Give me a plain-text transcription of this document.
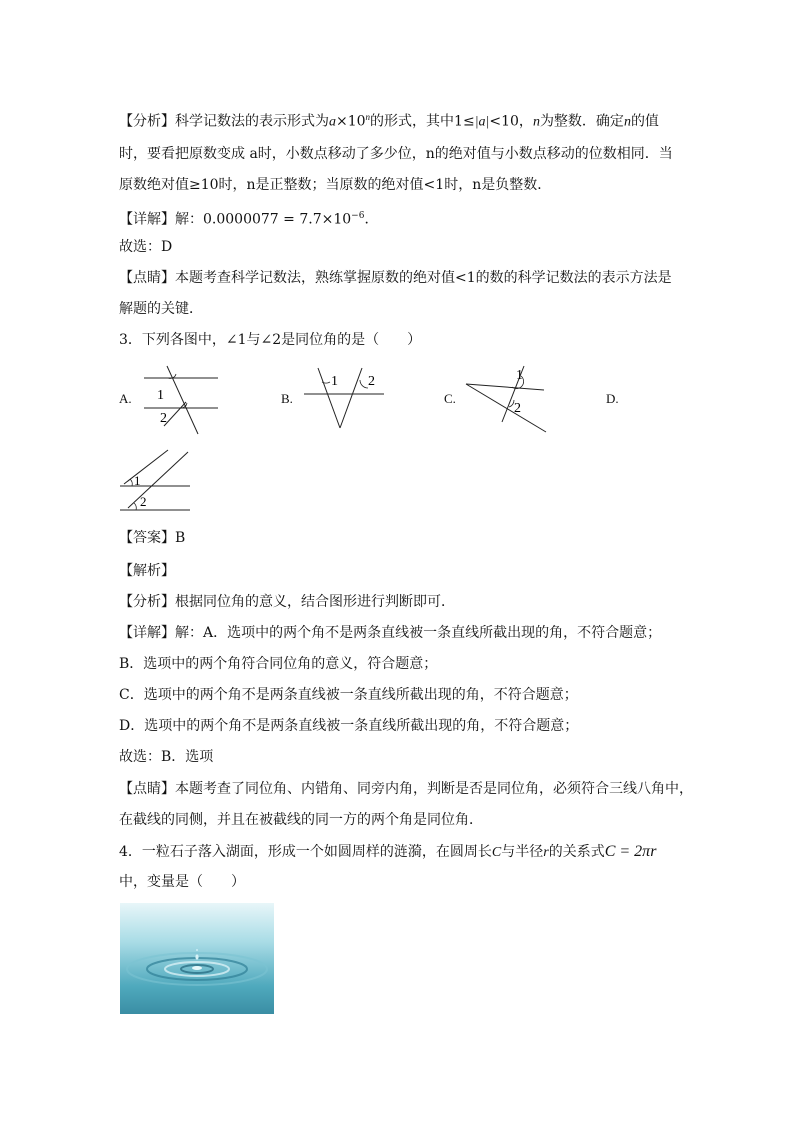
【分析】科学记数法的表示形式为$a\times 10^n$的形式，其中1≤|a|<10，n为整数．确定n的值
时，要看把原数变成 a时，小数点移动了多少位，n的绝对值与小数点移动的位数相同．当
原数绝对值≥10时，n是正整数；当原数的绝对值<1时，n是负整数．
【详解】解：$0.0000077 = 7.7\times 10^{-6}$．
故选：D
【点睛】本题考查科学记数法，熟练掌握原数的绝对值<1的数的科学记数法的表示方法是
解题的关键．
3．下列各图中，∠1与∠2是同位角的是（　　）
A. 1
2
B.
1 2
C.
1
2
D.
1
2
【答案】B
【解析】
【分析】根据同位角的意义，结合图形进行判断即可．
【详解】解：A．选项中的两个角不是两条直线被一条直线所截出现的角，不符合题意；
B．选项中的两个角符合同位角的意义，符合题意；
C．选项中的两个角不是两条直线被一条直线所截出现的角，不符合题意；
D．选项中的两个角不是两条直线被一条直线所截出现的角，不符合题意；
故选：B．选项
【点睛】本题考查了同位角、内错角、同旁内角，判断是否是同位角，必须符合三线八角中，
在截线的同侧，并且在被截线的同一方的两个角是同位角．
4．一粒石子落入湖面，形成一个如圆周样的涟漪，在圆周长C与半径r的关系式C = 2πr
中，变量是（　　）
